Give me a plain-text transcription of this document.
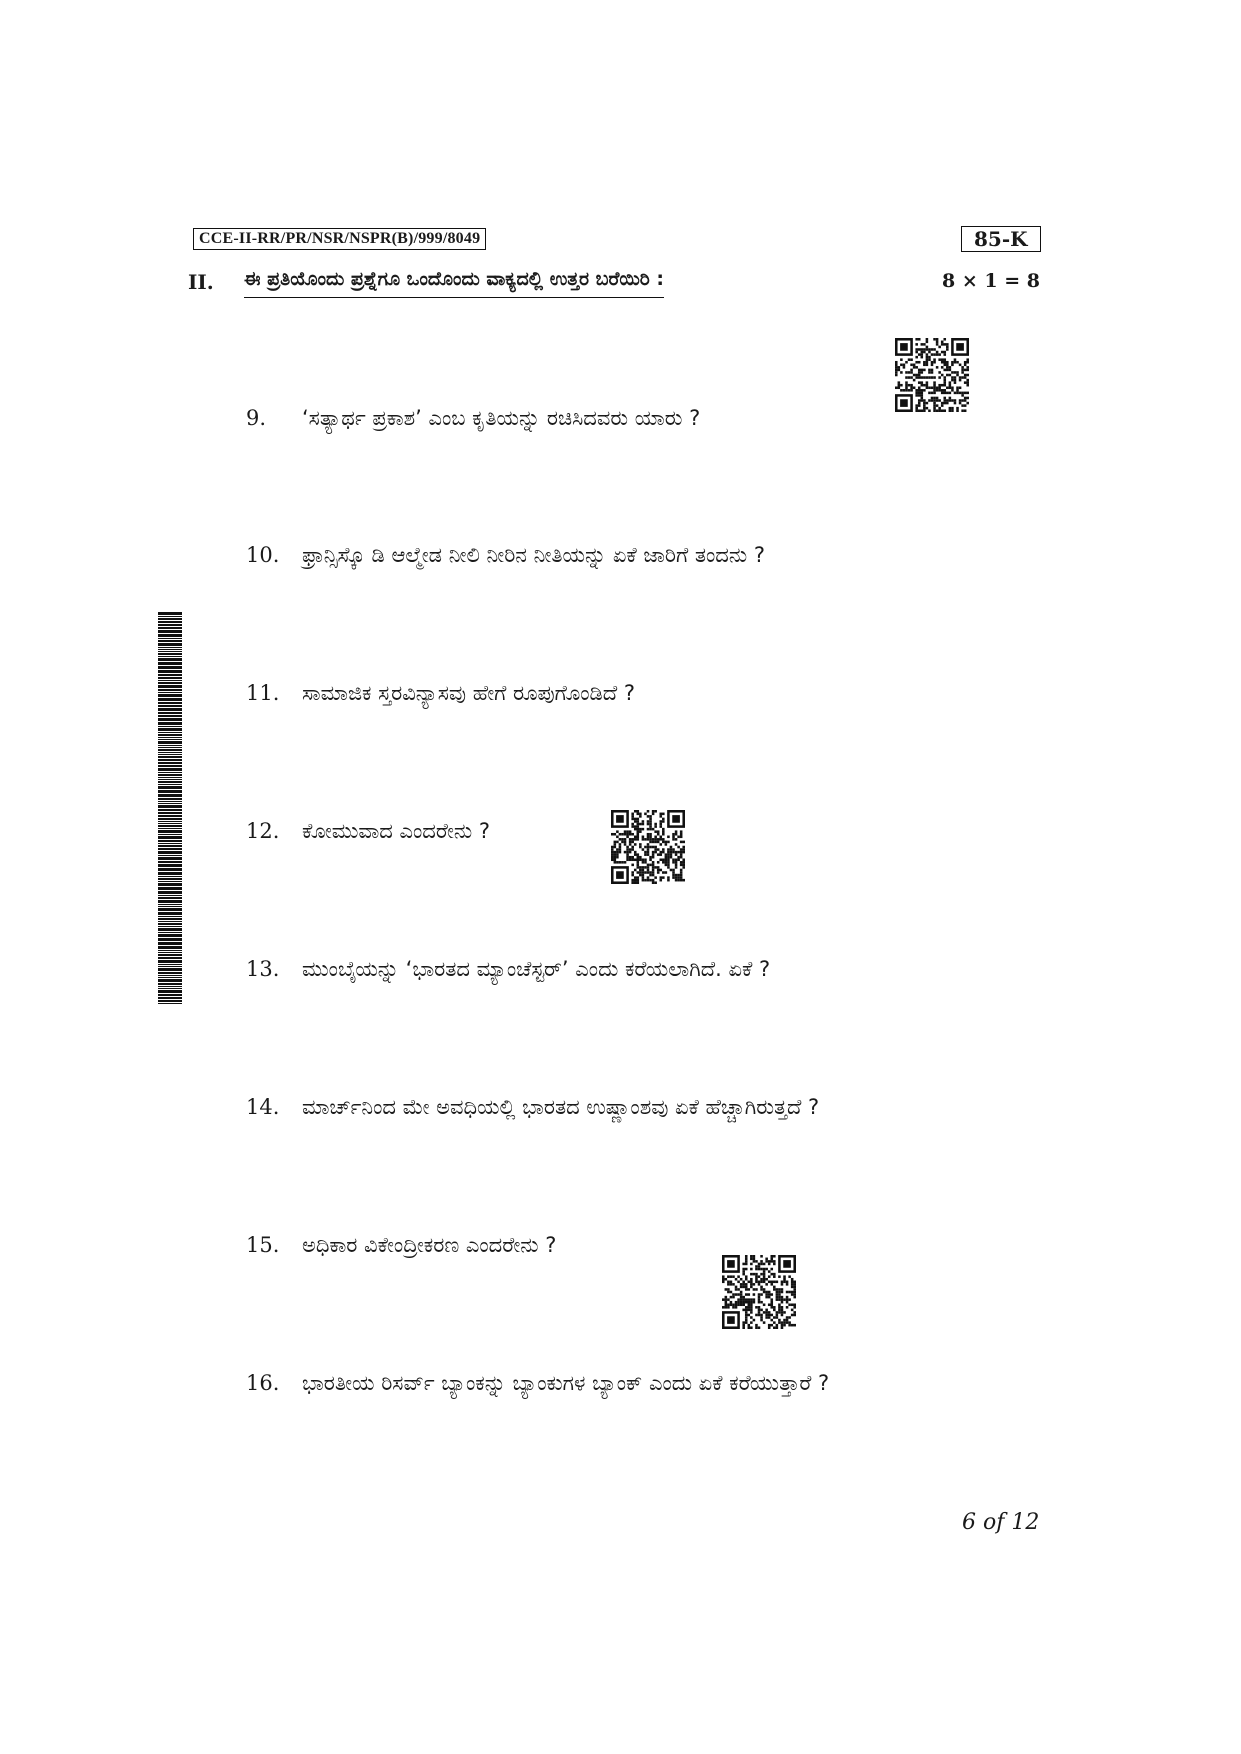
CCE-II-RR/PR/NSR/NSPR(B)/999/8049	85-K
II. ಈ ಪ್ರತಿಯೊಂದು ಪ್ರಶ್ನೆಗೂ ಒಂದೊಂದು ವಾಕ್ಯದಲ್ಲಿ ಉತ್ತರ ಬರೆಯಿರಿ :	8 × 1 = 8
9. ‘ಸತ್ಯಾರ್ಥ ಪ್ರಕಾಶ’ ಎಂಬ ಕೃತಿಯನ್ನು ರಚಿಸಿದವರು ಯಾರು ?
10. ಫ್ರಾನ್ಸಿಸ್ಕೊ ಡಿ ಆಲ್ಮೇಡ ನೀಲಿ ನೀರಿನ ನೀತಿಯನ್ನು ಏಕೆ ಜಾರಿಗೆ ತಂದನು ?
11. ಸಾಮಾಜಿಕ ಸ್ತರವಿನ್ಯಾಸವು ಹೇಗೆ ರೂಪುಗೊಂಡಿದೆ ?
12. ಕೋಮುವಾದ ಎಂದರೇನು ?
13. ಮುಂಬೈಯನ್ನು ‘ಭಾರತದ ಮ್ಯಾಂಚೆಸ್ಟರ್’ ಎಂದು ಕರೆಯಲಾಗಿದೆ. ಏಕೆ ?
14. ಮಾರ್ಚ್‌ನಿಂದ ಮೇ ಅವಧಿಯಲ್ಲಿ ಭಾರತದ ಉಷ್ಣಾಂಶವು ಏಕೆ ಹೆಚ್ಚಾಗಿರುತ್ತದೆ ?
15. ಅಧಿಕಾರ ವಿಕೇಂದ್ರೀಕರಣ ಎಂದರೇನು ?
16. ಭಾರತೀಯ ರಿಸರ್ವ್ ಬ್ಯಾಂಕನ್ನು ಬ್ಯಾಂಕುಗಳ ಬ್ಯಾಂಕ್ ಎಂದು ಏಕೆ ಕರೆಯುತ್ತಾರೆ ?
6 of 12
